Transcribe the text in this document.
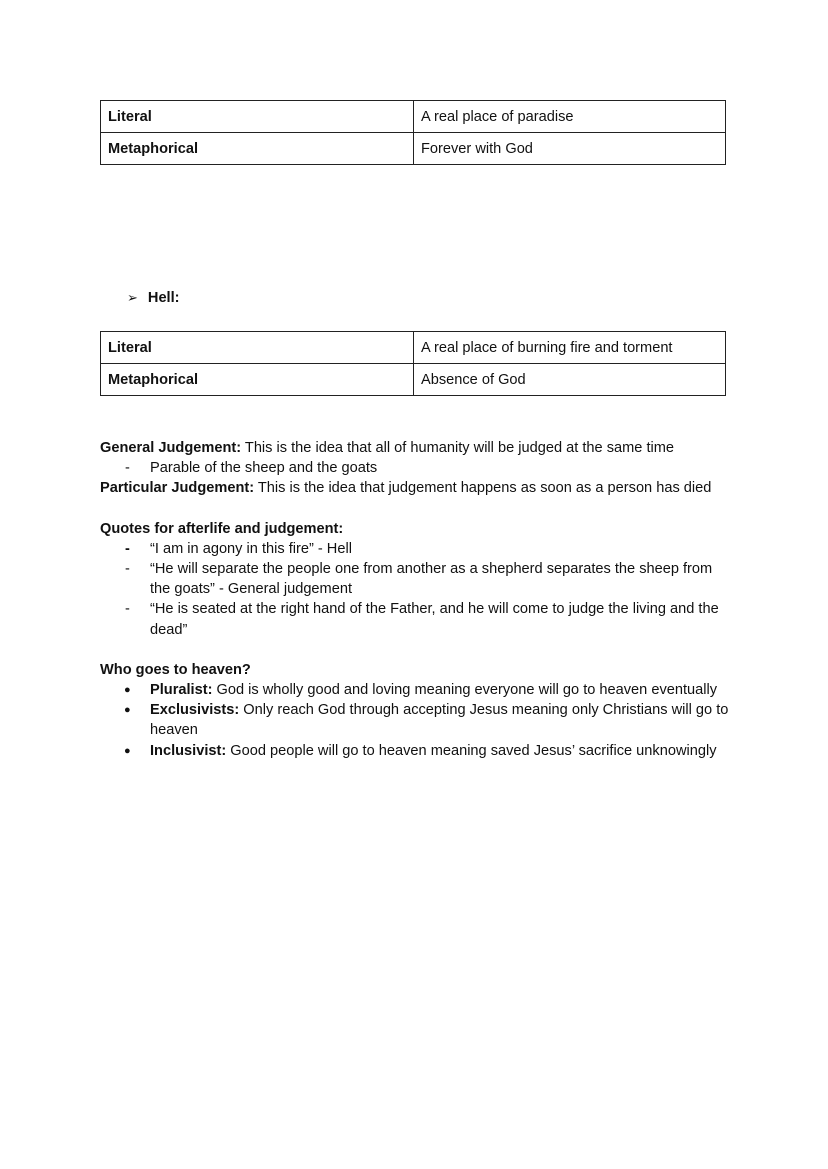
Literal	A real place of paradise
Metaphorical	Forever with God
➢ Hell:
Literal	A real place of burning fire and torment
Metaphorical	Absence of God
General Judgement: This is the idea that all of humanity will be judged at the same time
- Parable of the sheep and the goats
Particular Judgement: This is the idea that judgement happens as soon as a person has died
Quotes for afterlife and judgement:
- “I am in agony in this fire” - Hell
- “He will separate the people one from another as a shepherd separates the sheep from the goats” - General judgement
- “He is seated at the right hand of the Father, and he will come to judge the living and the dead”
Who goes to heaven?
● Pluralist: God is wholly good and loving meaning everyone will go to heaven eventually
● Exclusivists: Only reach God through accepting Jesus meaning only Christians will go to heaven
● Inclusivist: Good people will go to heaven meaning saved Jesus’ sacrifice unknowingly
